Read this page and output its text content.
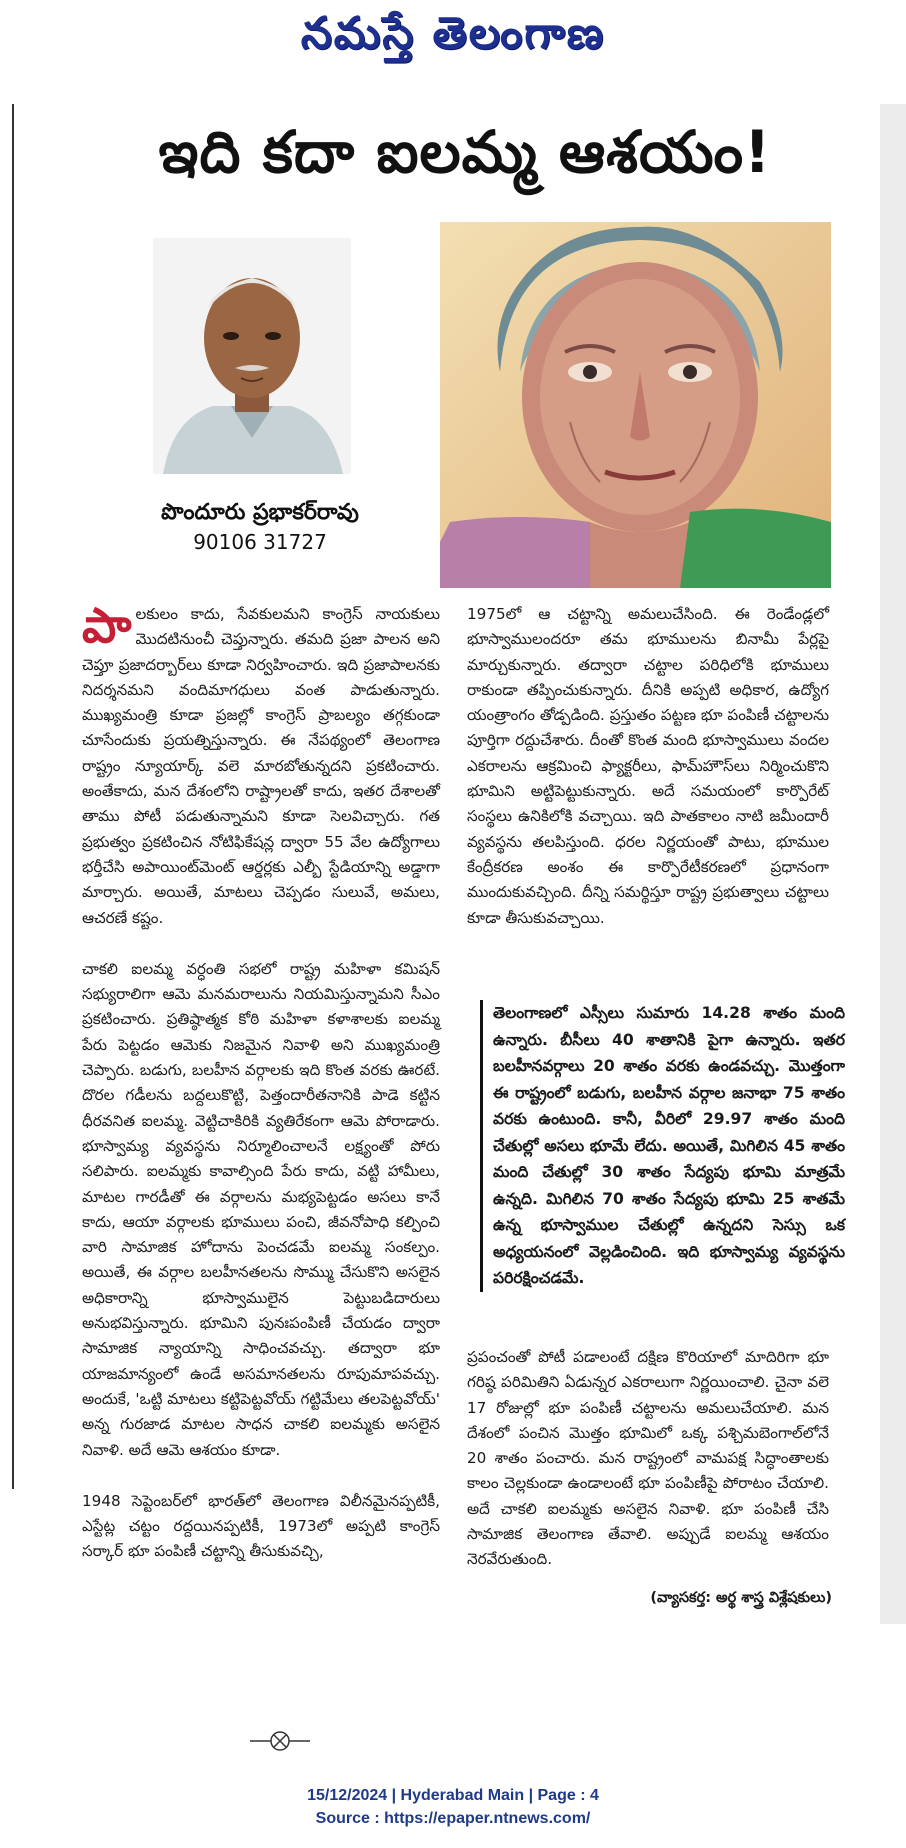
నమస్తే తెలంగాణ
ఇది కదా ఐలమ్మ ఆశయం!
పొందూరు ప్రభాకర్‌రావు
90106 31727

పాలకులం కాదు, సేవకులమని కాంగ్రెస్ నాయకులు మొదటినుంచీ చెప్తున్నారు. తమది ప్రజా పాలన అని చెప్తూ ప్రజాదర్బార్‌లు కూడా నిర్వహించారు. ఇది ప్రజాపాలనకు నిదర్శనమని వందిమాగధులు వంత పాడుతున్నారు. ముఖ్యమంత్రి కూడా ప్రజల్లో కాంగ్రెస్ ప్రాబల్యం తగ్గకుండా చూసేందుకు ప్రయత్నిస్తున్నారు. ఈ నేపథ్యంలో తెలంగాణ రాష్ట్రం న్యూయార్క్ వలె మారబోతున్నదని ప్రకటించారు. అంతేకాదు, మన దేశంలోని రాష్ట్రాలతో కాదు, ఇతర దేశాలతో తాము పోటీ పడుతున్నామని కూడా సెలవిచ్చారు. గత ప్రభుత్వం ప్రకటించిన నోటిఫికేషన్ల ద్వారా 55 వేల ఉద్యోగాలు భర్తీచేసి అపాయింట్‌మెంట్ ఆర్డర్లకు ఎల్బీ స్టేడియాన్ని అడ్డాగా మార్చారు. అయితే, మాటలు చెప్పడం సులువే, అమలు, ఆచరణే కష్టం.

చాకలి ఐలమ్మ వర్ధంతి సభలో రాష్ట్ర మహిళా కమిషన్ సభ్యురాలిగా ఆమె మనమరాలును నియమిస్తున్నామని సీఎం ప్రకటించారు. ప్రతిష్ఠాత్మక కోఠి మహిళా కళాశాలకు ఐలమ్మ పేరు పెట్టడం ఆమెకు నిజమైన నివాళి అని ముఖ్యమంత్రి చెప్పారు. బడుగు, బలహీన వర్గాలకు ఇది కొంత వరకు ఊరటే. దొరల గడీలను బద్దలుకొట్టి, పెత్తందారీతనానికి పాడె కట్టిన ధీరవనిత ఐలమ్మ. వెట్టిచాకిరికి వ్యతిరేకంగా ఆమె పోరాడారు. భూస్వామ్య వ్యవస్థను నిర్మూలించాలనే లక్ష్యంతో పోరు సలిపారు. ఐలమ్మకు కావాల్సింది పేరు కాదు, వట్టి హామీలు, మాటల గారడీతో ఈ వర్గాలను మభ్యపెట్టడం అసలు కానే కాదు, ఆయా వర్గాలకు భూములు పంచి, జీవనోపాధి కల్పించి వారి సామాజిక హోదాను పెంచడమే ఐలమ్మ సంకల్పం. అయితే, ఈ వర్గాల బలహీనతలను సొమ్ము చేసుకొని అసలైన అధికారాన్ని భూస్వాములైన పెట్టుబడిదారులు అనుభవిస్తున్నారు. భూమిని పునఃపంపిణీ చేయడం ద్వారా సామాజిక న్యాయాన్ని సాధించవచ్చు. తద్వారా భూ యాజమాన్యంలో ఉండే అసమానతలను రూపుమాపవచ్చు. అందుకే, 'ఒట్టి మాటలు కట్టిపెట్టవోయ్ గట్టిమేలు తలపెట్టవోయ్' అన్న గురజాడ మాటల సాధన చాకలి ఐలమ్మకు అసలైన నివాళి. అదే ఆమె ఆశయం కూడా.

1948 సెప్టెంబర్‌లో భారత్‌లో తెలంగాణ విలీనమైనప్పటికీ, ఎస్టేట్ల చట్టం రద్దయినప్పటికీ, 1973లో అప్పటి కాంగ్రెస్ సర్కార్ భూ పంపిణీ చట్టాన్ని తీసుకువచ్చి,

1975లో ఆ చట్టాన్ని అమలుచేసింది. ఈ రెండేండ్లలో భూస్వాములందరూ తమ భూములను బినామీ పేర్లపై మార్చుకున్నారు. తద్వారా చట్టాల పరిధిలోకి భూములు రాకుండా తప్పించుకున్నారు. దీనికి అప్పటి అధికార, ఉద్యోగ యంత్రాంగం తోడ్పడింది. ప్రస్తుతం పట్టణ భూ పంపిణీ చట్టాలను పూర్తిగా రద్దుచేశారు. దీంతో కొంత మంది భూస్వాములు వందల ఎకరాలను ఆక్రమించి ఫ్యాక్టరీలు, ఫామ్‌హౌస్‌లు నిర్మించుకొని భూమిని అట్టిపెట్టుకున్నారు. అదే సమయంలో కార్పొరేట్ సంస్థలు ఉనికిలోకి వచ్చాయి. ఇది పాతకాలం నాటి జమీందారీ వ్యవస్థను తలపిస్తుంది. ధరల నిర్ణయంతో పాటు, భూముల కేంద్రీకరణ అంశం ఈ కార్పొరేటీకరణలో ప్రధానంగా ముందుకువచ్చింది. దీన్ని సమర్థిస్తూ రాష్ట్ర ప్రభుత్వాలు చట్టాలు కూడా తీసుకువచ్చాయి.

తెలంగాణలో ఎస్సీలు సుమారు 14.28 శాతం మంది ఉన్నారు. బీసీలు 40 శాతానికి పైగా ఉన్నారు. ఇతర బలహీనవర్గాలు 20 శాతం వరకు ఉండవచ్చు. మొత్తంగా ఈ రాష్ట్రంలో బడుగు, బలహీన వర్గాల జనాభా 75 శాతం వరకు ఉంటుంది. కానీ, వీరిలో 29.97 శాతం మంది చేతుల్లో అసలు భూమే లేదు. అయితే, మిగిలిన 45 శాతం మంది చేతుల్లో 30 శాతం సేద్యపు భూమి మాత్రమే ఉన్నది. మిగిలిన 70 శాతం సేద్యపు భూమి 25 శాతమే ఉన్న భూస్వాముల చేతుల్లో ఉన్నదని సెస్సు ఒక అధ్యయనంలో వెల్లడించింది. ఇది భూస్వామ్య వ్యవస్థను పరిరక్షించడమే.

ప్రపంచంతో పోటీ పడాలంటే దక్షిణ కొరియాలో మాదిరిగా భూ గరిష్ఠ పరిమితిని ఏడున్నర ఎకరాలుగా నిర్ణయించాలి. చైనా వలె 17 రోజుల్లో భూ పంపిణీ చట్టాలను అమలుచేయాలి. మన దేశంలో పంచిన మొత్తం భూమిలో ఒక్క పశ్చిమబెంగాల్‌లోనే 20 శాతం పంచారు. మన రాష్ట్రంలో వామపక్ష సిద్ధాంతాలకు కాలం చెల్లకుండా ఉండాలంటే భూ పంపిణీపై పోరాటం చేయాలి. అదే చాకలి ఐలమ్మకు అసలైన నివాళి. భూ పంపిణీ చేసి సామాజిక తెలంగాణ తేవాలి. అప్పుడే ఐలమ్మ ఆశయం నెరవేరుతుంది.

(వ్యాసకర్త: అర్థ శాస్త్ర విశ్లేషకులు)
15/12/2024 | Hyderabad Main | Page : 4
Source : https://epaper.ntnews.com/
